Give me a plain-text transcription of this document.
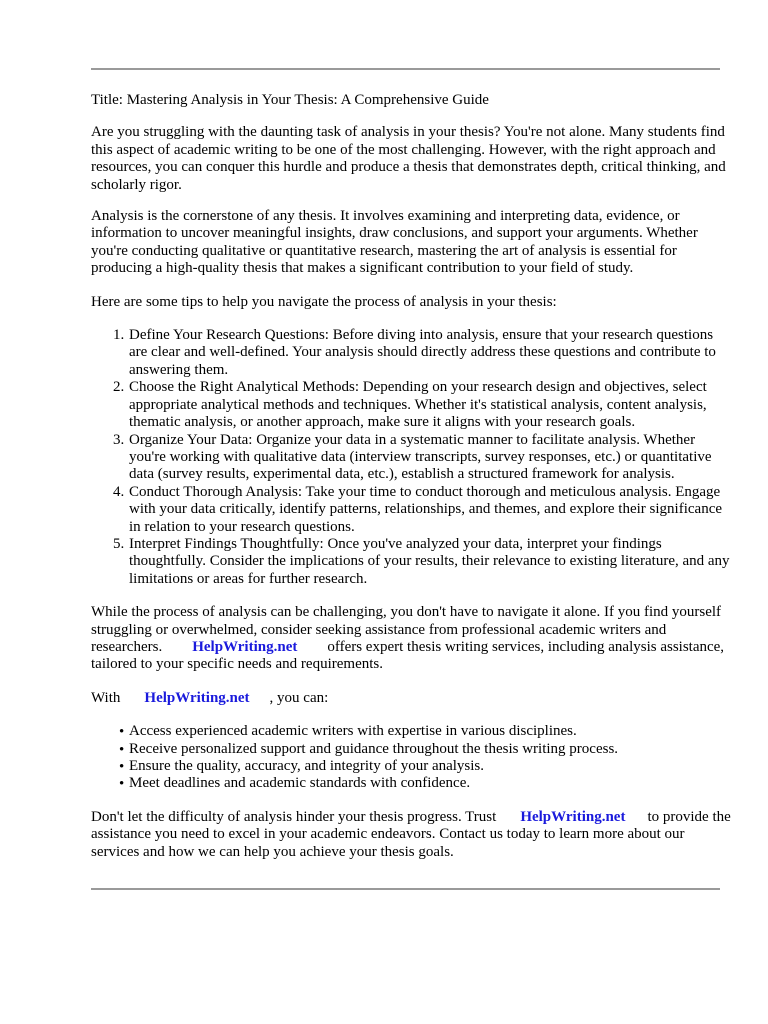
Title: Mastering Analysis in Your Thesis: A Comprehensive Guide

Are you struggling with the daunting task of analysis in your thesis? You're not alone. Many students find this aspect of academic writing to be one of the most challenging. However, with the right approach and resources, you can conquer this hurdle and produce a thesis that demonstrates depth, critical thinking, and scholarly rigor.

Analysis is the cornerstone of any thesis. It involves examining and interpreting data, evidence, or information to uncover meaningful insights, draw conclusions, and support your arguments. Whether you're conducting qualitative or quantitative research, mastering the art of analysis is essential for producing a high-quality thesis that makes a significant contribution to your field of study.

Here are some tips to help you navigate the process of analysis in your thesis:

1. Define Your Research Questions: Before diving into analysis, ensure that your research questions are clear and well-defined. Your analysis should directly address these questions and contribute to answering them.
2. Choose the Right Analytical Methods: Depending on your research design and objectives, select appropriate analytical methods and techniques. Whether it's statistical analysis, content analysis, thematic analysis, or another approach, make sure it aligns with your research goals.
3. Organize Your Data: Organize your data in a systematic manner to facilitate analysis. Whether you're working with qualitative data (interview transcripts, survey responses, etc.) or quantitative data (survey results, experimental data, etc.), establish a structured framework for analysis.
4. Conduct Thorough Analysis: Take your time to conduct thorough and meticulous analysis. Engage with your data critically, identify patterns, relationships, and themes, and explore their significance in relation to your research questions.
5. Interpret Findings Thoughtfully: Once you've analyzed your data, interpret your findings thoughtfully. Consider the implications of your results, their relevance to existing literature, and any limitations or areas for further research.

While the process of analysis can be challenging, you don't have to navigate it alone. If you find yourself struggling or overwhelmed, consider seeking assistance from professional academic writers and researchers. HelpWriting.net offers expert thesis writing services, including analysis assistance, tailored to your specific needs and requirements.

With HelpWriting.net , you can:

• Access experienced academic writers with expertise in various disciplines.
• Receive personalized support and guidance throughout the thesis writing process.
• Ensure the quality, accuracy, and integrity of your analysis.
• Meet deadlines and academic standards with confidence.

Don't let the difficulty of analysis hinder your thesis progress. Trust HelpWriting.net to provide the assistance you need to excel in your academic endeavors. Contact us today to learn more about our services and how we can help you achieve your thesis goals.
